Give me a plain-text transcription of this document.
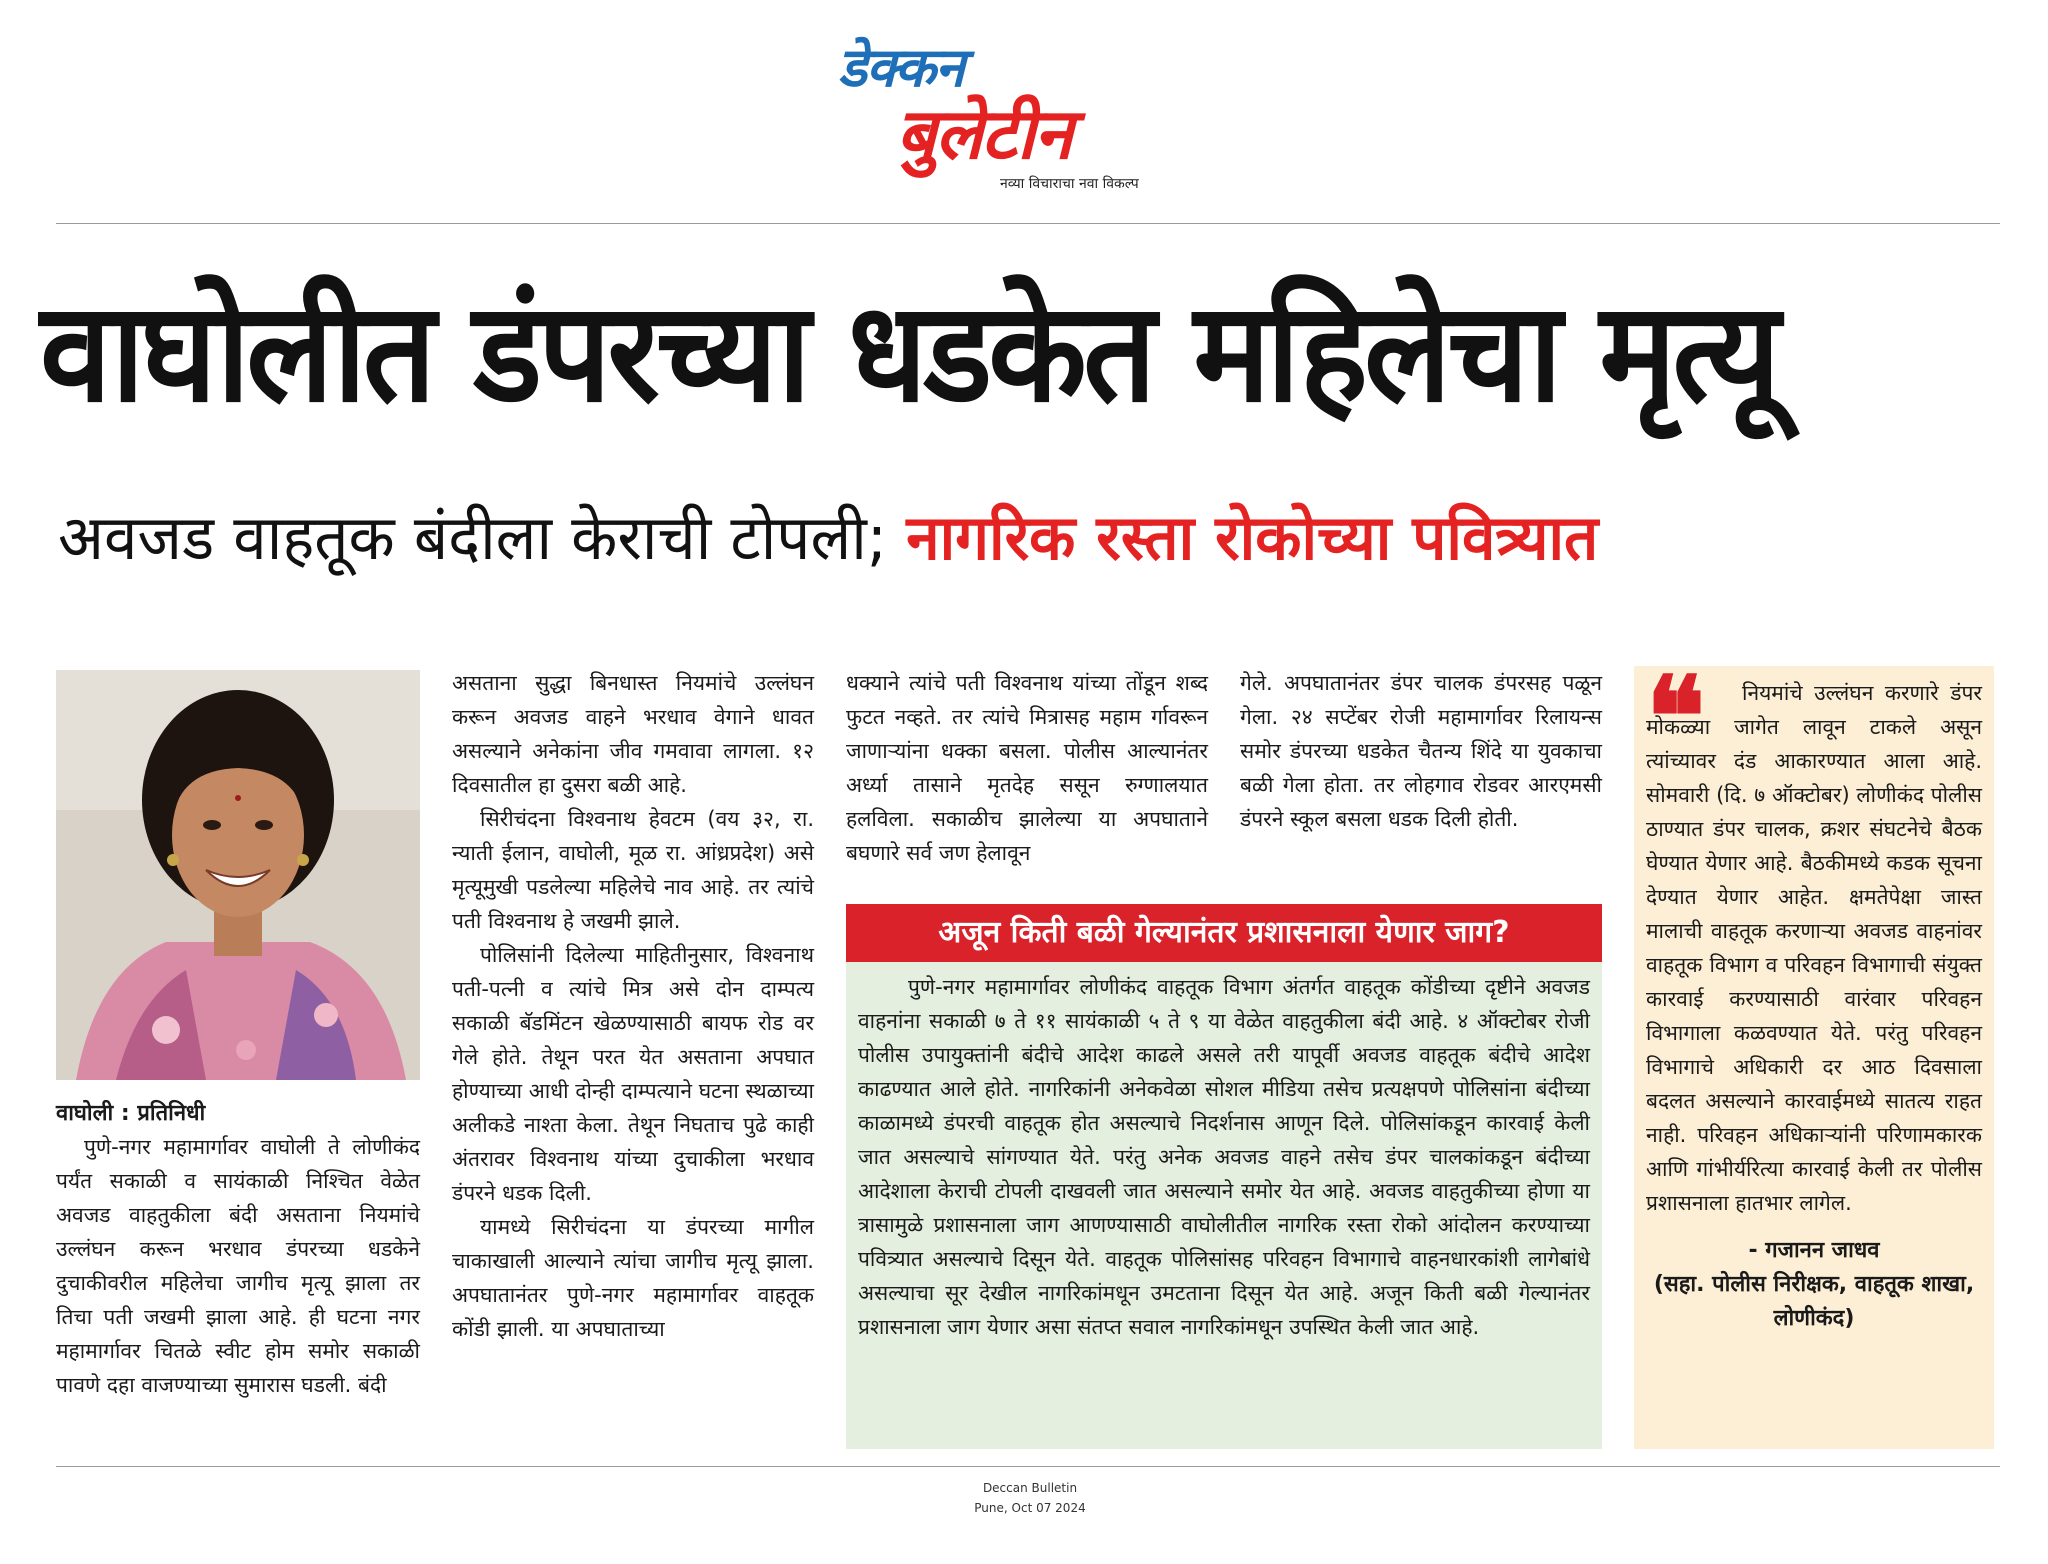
डेक्कन
बुलेटीन
नव्या विचाराचा नवा विकल्प
वाघोलीत डंपरच्या धडकेत महिलेचा मृत्यू
अवजड वाहतूक बंदीला केराची टोपली; नागरिक रस्ता रोकोच्या पवित्र्यात
वाघोली : प्रतिनिधी

पुणे-नगर महामार्गावर वाघोली ते लोणीकंद पर्यंत सकाळी व सायंकाळी निश्चित वेळेत अवजड वाहतुकीला बंदी असताना नियमांचे उल्लंघन करून भरधाव डंपरच्या धडकेने दुचाकीवरील महिलेचा जागीच मृत्यू झाला तर तिचा पती जखमी झाला आहे. ही घटना नगर महामार्गावर चितळे स्वीट होम समोर सकाळी पावणे दहा वाजण्याच्या सुमारास घडली. बंदी

असताना सुद्धा बिनधास्त नियमांचे उल्लंघन करून अवजड वाहने भरधाव वेगाने धावत असल्याने अनेकांना जीव गमवावा लागला. १२ दिवसातील हा दुसरा बळी आहे.

सिरीचंदना विश्वनाथ हेवटम (वय ३२, रा. न्याती ईलान, वाघोली, मूळ रा. आंध्रप्रदेश) असे मृत्यूमुखी पडलेल्या महिलेचे नाव आहे. तर त्यांचे पती विश्वनाथ हे जखमी झाले.

पोलिसांनी दिलेल्या माहितीनुसार, विश्वनाथ पती-पत्नी व त्यांचे मित्र असे दोन दाम्पत्य सकाळी बॅडमिंटन खेळण्यासाठी बायफ रोड वर गेले होते. तेथून परत येत असताना अपघात होण्याच्या आधी दोन्ही दाम्पत्याने घटना स्थळाच्या अलीकडे नाश्ता केला. तेथून निघताच पुढे काही अंतरावर विश्वनाथ यांच्या दुचाकीला भरधाव डंपरने धडक दिली.

यामध्ये सिरीचंदना या डंपरच्या मागील चाकाखाली आल्याने त्यांचा जागीच मृत्यू झाला. अपघातानंतर पुणे-नगर महामार्गावर वाहतूक कोंडी झाली. या अपघाताच्या

धक्याने त्यांचे पती विश्वनाथ यांच्या तोंडून शब्द फुटत नव्हते. तर त्यांचे मित्रासह महाम र्गावरून जाणाऱ्यांना धक्का बसला. पोलीस आल्यानंतर अर्ध्या तासाने मृतदेह ससून रुग्णालयात हलविला. सकाळीच झालेल्या या अपघाताने बघणारे सर्व जण हेलावून

गेले. अपघातानंतर डंपर चालक डंपरसह पळून गेला. २४ सप्टेंबर रोजी महामार्गावर रिलायन्स समोर डंपरच्या धडकेत चैतन्य शिंदे या युवकाचा बळी गेला होता. तर लोहगाव रोडवर आरएमसी डंपरने स्कूल बसला धडक दिली होती.

अजून किती बळी गेल्यानंतर प्रशासनाला येणार जाग?

पुणे-नगर महामार्गावर लोणीकंद वाहतूक विभाग अंतर्गत वाहतूक कोंडीच्या दृष्टीने अवजड वाहनांना सकाळी ७ ते ११ सायंकाळी ५ ते ९ या वेळेत वाहतुकीला बंदी आहे. ४ ऑक्टोबर रोजी पोलीस उपायुक्तांनी बंदीचे आदेश काढले असले तरी यापूर्वी अवजड वाहतूक बंदीचे आदेश काढण्यात आले होते. नागरिकांनी अनेकवेळा सोशल मीडिया तसेच प्रत्यक्षपणे पोलिसांना बंदीच्या काळामध्ये डंपरची वाहतूक होत असल्याचे निदर्शनास आणून दिले. पोलिसांकडून कारवाई केली जात असल्याचे सांगण्यात येते. परंतु अनेक अवजड वाहने तसेच डंपर चालकांकडून बंदीच्या आदेशाला केराची टोपली दाखवली जात असल्याने समोर येत आहे. अवजड वाहतुकीच्या होणा या त्रासामुळे प्रशासनाला जाग आणण्यासाठी वाघोलीतील नागरिक रस्ता रोको आंदोलन करण्याच्या पवित्र्यात असल्याचे दिसून येते. वाहतूक पोलिसांसह परिवहन विभागाचे वाहनधारकांशी लागेबांधे असल्याचा सूर देखील नागरिकांमधून उमटताना दिसून येत आहे. अजून किती बळी गेल्यानंतर प्रशासनाला जाग येणार असा संतप्त सवाल नागरिकांमधून उपस्थित केली जात आहे.

❝	नियमांचे उल्लंघन करणारे डंपर मोकळ्या जागेत लावून टाकले असून त्यांच्यावर दंड आकारण्यात आला आहे. सोमवारी (दि. ७ ऑक्टोबर) लोणीकंद पोलीस ठाण्यात डंपर चालक, क्रशर संघटनेचे बैठक घेण्यात येणार आहे. बैठकीमध्ये कडक सूचना देण्यात येणार आहेत. क्षमतेपेक्षा जास्त मालाची वाहतूक करणाऱ्या अवजड वाहनांवर वाहतूक विभाग व परिवहन विभागाची संयुक्त कारवाई करण्यासाठी वारंवार परिवहन विभागाला कळवण्यात येते. परंतु परिवहन विभागाचे अधिकारी दर आठ दिवसाला बदलत असल्याने कारवाईमध्ये सातत्य राहत नाही. परिवहन अधिकाऱ्यांनी परिणामकारक आणि गांभीर्यरित्या कारवाई केली तर पोलीस प्रशासनाला हातभार लागेल.

- गजानन जाधव
(सहा. पोलीस निरीक्षक, वाहतूक शाखा, लोणीकंद)
Deccan Bulletin
Pune, Oct 07 2024
